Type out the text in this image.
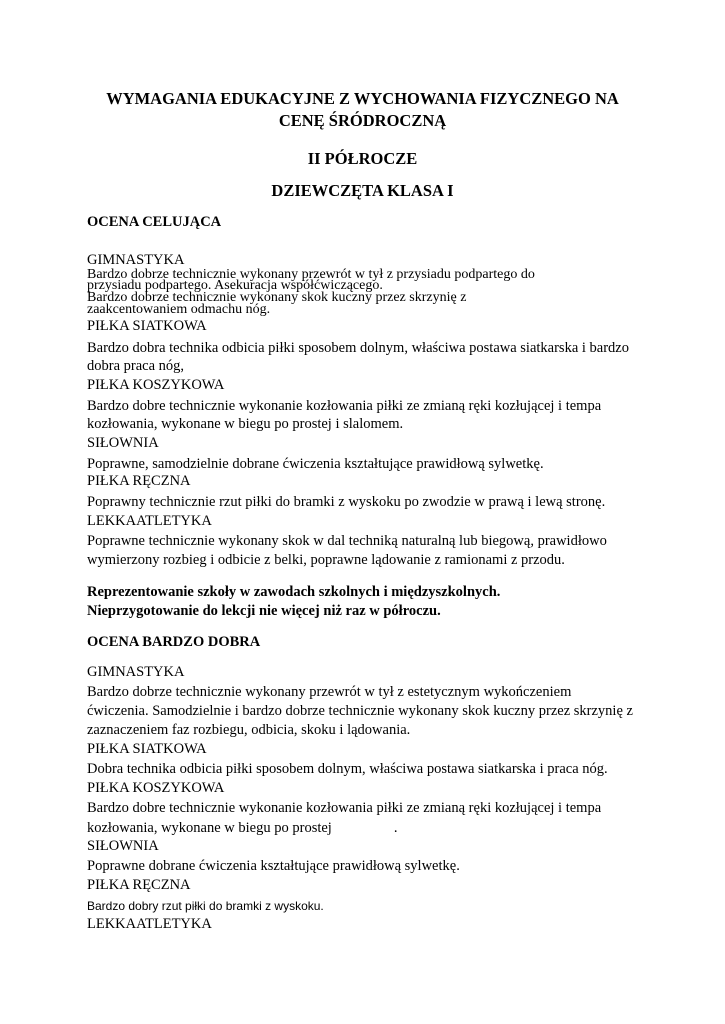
WYMAGANIA EDUKACYJNE Z WYCHOWANIA FIZYCZNEGO NA
CENĘ ŚRÓDROCZNĄ
II PÓŁROCZE
DZIEWCZĘTA KLASA I
OCENA CELUJĄCA
GIMNASTYKA
Bardzo dobrze technicznie wykonany przewrót w tył z przysiadu podpartego do
przysiadu podpartego. Asekuracja współćwiczącego.
Bardzo dobrze technicznie wykonany skok kuczny przez skrzynię z
zaakcentowaniem odmachu nóg.
PIŁKA SIATKOWA
Bardzo dobra technika odbicia piłki sposobem dolnym, właściwa postawa siatkarska i bardzo
dobra praca nóg,
PIŁKA KOSZYKOWA
Bardzo dobre technicznie wykonanie kozłowania piłki ze zmianą ręki kozłującej i tempa
kozłowania, wykonane w biegu po prostej i slalomem.
SIŁOWNIA
Poprawne, samodzielnie dobrane ćwiczenia kształtujące prawidłową sylwetkę.
PIŁKA RĘCZNA
Poprawny technicznie rzut piłki do bramki z wyskoku po zwodzie w prawą i lewą stronę.
LEKKAATLETYKA
Poprawne technicznie wykonany skok w dal techniką naturalną lub biegową, prawidłowo
wymierzony rozbieg i odbicie z belki, poprawne lądowanie z ramionami z przodu.
Reprezentowanie szkoły w zawodach szkolnych i międzyszkolnych.
Nieprzygotowanie do lekcji nie więcej niż raz w półroczu.
OCENA BARDZO DOBRA
GIMNASTYKA
Bardzo dobrze technicznie wykonany przewrót w tył z estetycznym wykończeniem
ćwiczenia. Samodzielnie i bardzo dobrze technicznie wykonany skok kuczny przez skrzynię z
zaznaczeniem faz rozbiegu, odbicia, skoku i lądowania.
PIŁKA SIATKOWA
Dobra technika odbicia piłki sposobem dolnym, właściwa postawa siatkarska i praca nóg.
PIŁKA KOSZYKOWA
Bardzo dobre technicznie wykonanie kozłowania piłki ze zmianą ręki kozłującej i tempa
kozłowania, wykonane w biegu po prostej	.
SIŁOWNIA
Poprawne dobrane ćwiczenia kształtujące prawidłową sylwetkę.
PIŁKA RĘCZNA
Bardzo dobry rzut piłki do bramki z wyskoku.
LEKKAATLETYKA
